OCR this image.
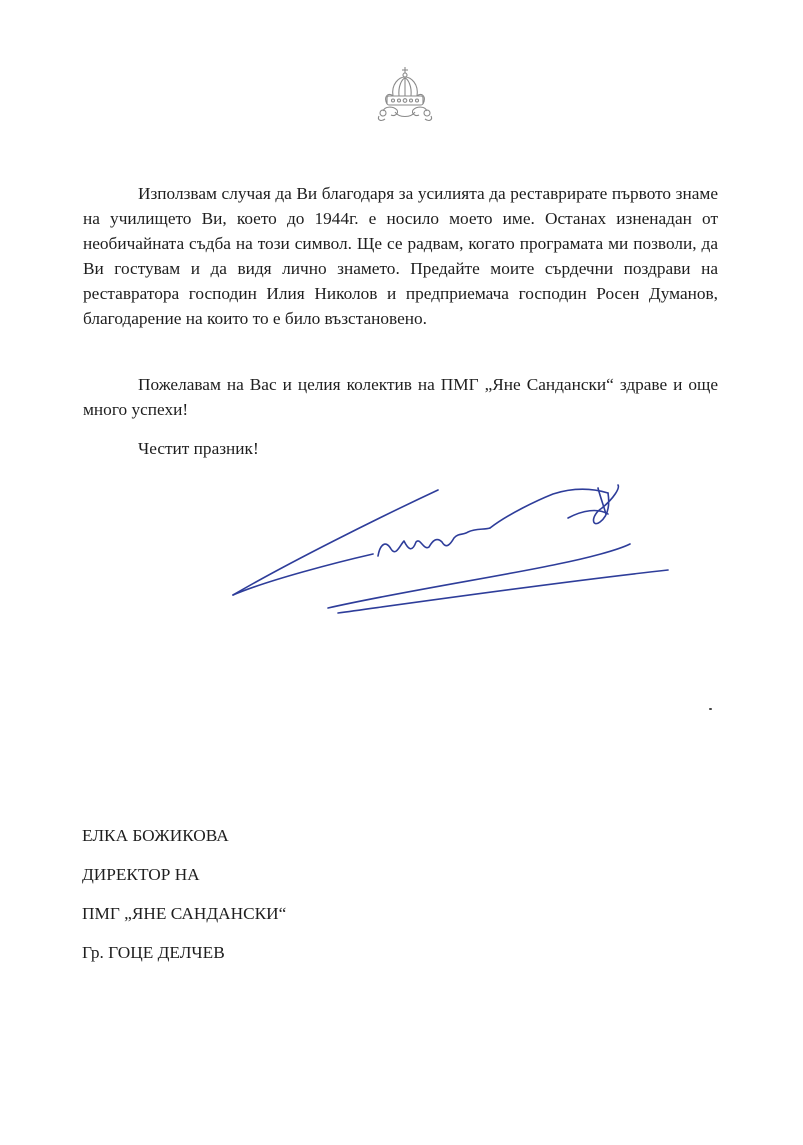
Използвам случая да Ви благодаря за усилията да реставрирате първото знаме на училището Ви, което до 1944г. е носило моето име. Останах изненадан от необичайната съдба на този символ. Ще се радвам, когато програмата ми позволи, да Ви гостувам и да видя лично знамето. Предайте моите сърдечни поздрави на реставратора господин Илия Николов и предприемача господин Росен Думанов, благодарение на които то е било възстановено.

Пожелавам на Вас и целия колектив на ПМГ „Яне Сандански“ здраве и още много успехи!

Честит празник!

ЕЛКА БОЖИКОВА

ДИРЕКТОР НА

ПМГ „ЯНЕ САНДАНСКИ“

Гр. ГОЦЕ ДЕЛЧЕВ
